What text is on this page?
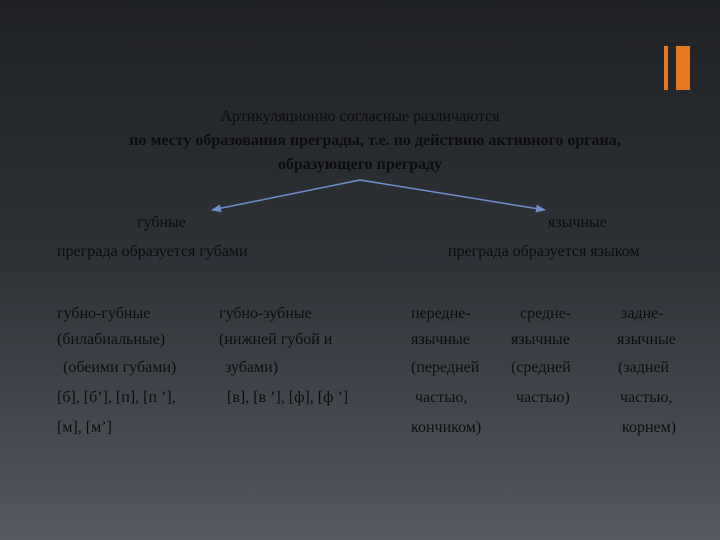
Артикуляционно согласные различаются
по месту образования преграды, т.е. по действию активного органа,
образующего преграду
губные
преграда образуется губами
губно-губные
(билабиальные)
(обеими губами)
[б], [б’], [п], [п ’],
[м], [м’]
губно-зубные
(нижней губой и
зубами)
[в], [в ’], [ф], [ф ’]
язычные
преграда образуется языком
передне-
язычные
(передней
частью,
кончиком)
средне-
язычные
(средней
частью)
задне-
язычные
(задней
частью,
корнем)
